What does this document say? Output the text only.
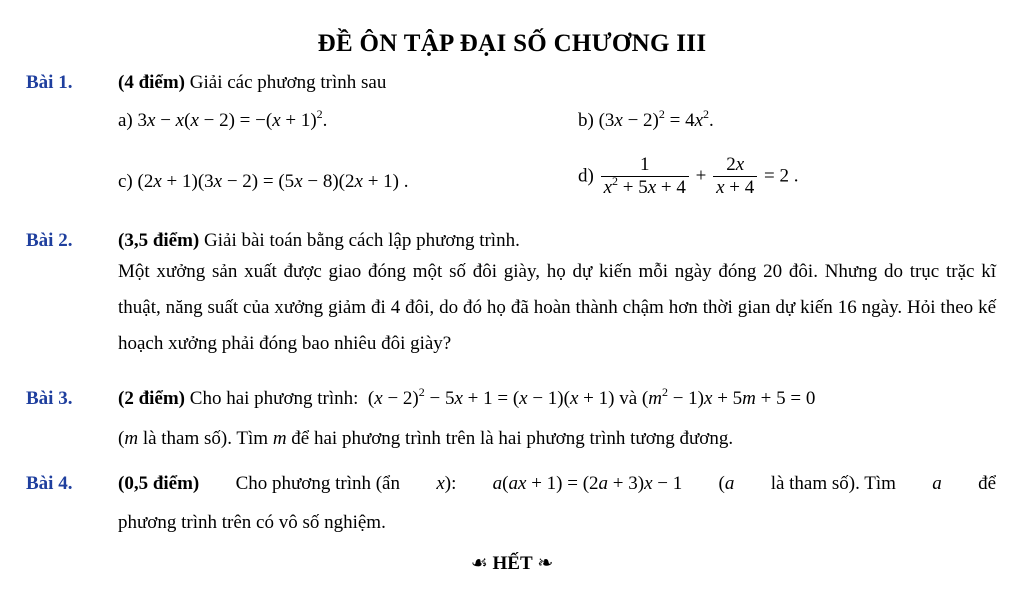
ĐỀ ÔN TẬP ĐẠI SỐ CHƯƠNG III
Bài 1. (4 điểm) Giải các phương trình sau
a) $3x - x(x - 2) = -(x + 1)^2$.	b) $(3x - 2)^2 = 4x^2$.
c) (2x + 1)(3x − 2) = (5x − 8)(2x + 1) .	$d) \frac{1}{x^2 + 5x + 4} + \frac{2x}{x + 4} = 2$ .
Bài 2. (3,5 điểm) Giải bài toán bằng cách lập phương trình.
Một xưởng sản xuất được giao đóng một số đôi giày, họ dự kiến mỗi ngày đóng 20 đôi. Nhưng do trục trặc kĩ thuật, năng suất của xưởng giảm đi 4 đôi, do đó họ đã hoàn thành chậm hơn thời gian dự kiến 16 ngày. Hỏi theo kế hoạch xưởng phải đóng bao nhiêu đôi giày?
Bài 3. (2 điểm) Cho hai phương trình:  $(x - 2)^2 - 5x + 1 = (x - 1)(x + 1)$ và $(m^2 - 1)x + 5m + 5 = 0$
(m là tham số). Tìm m để hai phương trình trên là hai phương trình tương đương.
Bài 4. (0,5 điểm) Cho phương trình (ẩn x): a(ax + 1) = (2a + 3)x − 1 (a là tham số). Tìm a để
phương trình trên có vô số nghiệm.
☙ HẾT ❧
